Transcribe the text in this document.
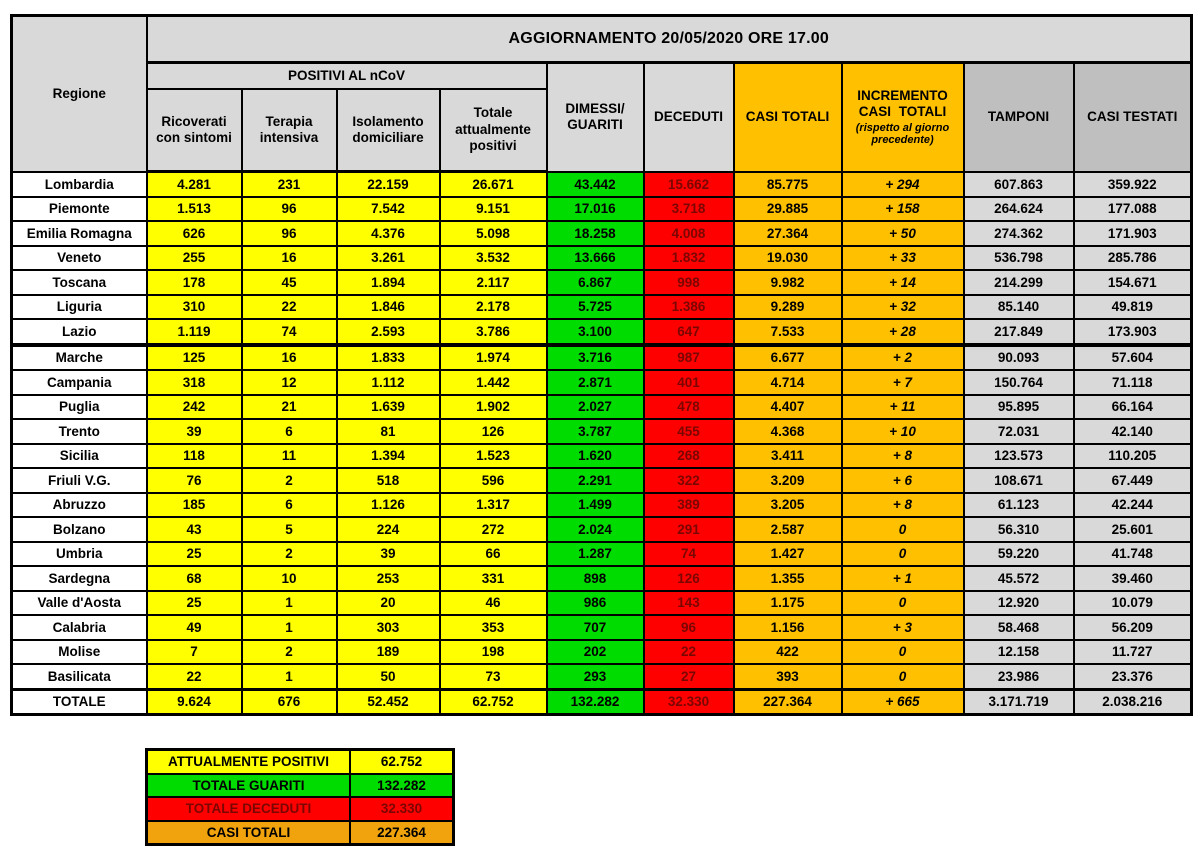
Regione	AGGIORNAMENTO 20/05/2020 ORE 17.00									
	POSITIVI AL nCoV				DIMESSI/ GUARITI	DECEDUTI	CASI TOTALI	INCREMENTO
CASI TOTALI
(rispetto al giorno precedente)	TAMPONI	CASI TESTATI
	Ricoverati con sintomi	Terapia intensiva	Isolamento domiciliare	Totale attualmente positivi						
Lombardia	4.281	231	22.159	26.671	43.442	15.662	85.775	+ 294	607.863	359.922
Piemonte	1.513	96	7.542	9.151	17.016	3.718	29.885	+ 158	264.624	177.088
Emilia Romagna	626	96	4.376	5.098	18.258	4.008	27.364	+ 50	274.362	171.903
Veneto	255	16	3.261	3.532	13.666	1.832	19.030	+ 33	536.798	285.786
Toscana	178	45	1.894	2.117	6.867	998	9.982	+ 14	214.299	154.671
Liguria	310	22	1.846	2.178	5.725	1.386	9.289	+ 32	85.140	49.819
Lazio	1.119	74	2.593	3.786	3.100	647	7.533	+ 28	217.849	173.903
Marche	125	16	1.833	1.974	3.716	987	6.677	+ 2	90.093	57.604
Campania	318	12	1.112	1.442	2.871	401	4.714	+ 7	150.764	71.118
Puglia	242	21	1.639	1.902	2.027	478	4.407	+ 11	95.895	66.164
Trento	39	6	81	126	3.787	455	4.368	+ 10	72.031	42.140
Sicilia	118	11	1.394	1.523	1.620	268	3.411	+ 8	123.573	110.205
Friuli V.G.	76	2	518	596	2.291	322	3.209	+ 6	108.671	67.449
Abruzzo	185	6	1.126	1.317	1.499	389	3.205	+ 8	61.123	42.244
Bolzano	43	5	224	272	2.024	291	2.587	0	56.310	25.601
Umbria	25	2	39	66	1.287	74	1.427	0	59.220	41.748
Sardegna	68	10	253	331	898	126	1.355	+ 1	45.572	39.460
Valle d'Aosta	25	1	20	46	986	143	1.175	0	12.920	10.079
Calabria	49	1	303	353	707	96	1.156	+ 3	58.468	56.209
Molise	7	2	189	198	202	22	422	0	12.158	11.727
Basilicata	22	1	50	73	293	27	393	0	23.986	23.376
TOTALE	9.624	676	52.452	62.752	132.282	32.330	227.364	+ 665	3.171.719	2.038.216
ATTUALMENTE POSITIVI	62.752
TOTALE GUARITI	132.282
TOTALE DECEDUTI	32.330
CASI TOTALI	227.364
